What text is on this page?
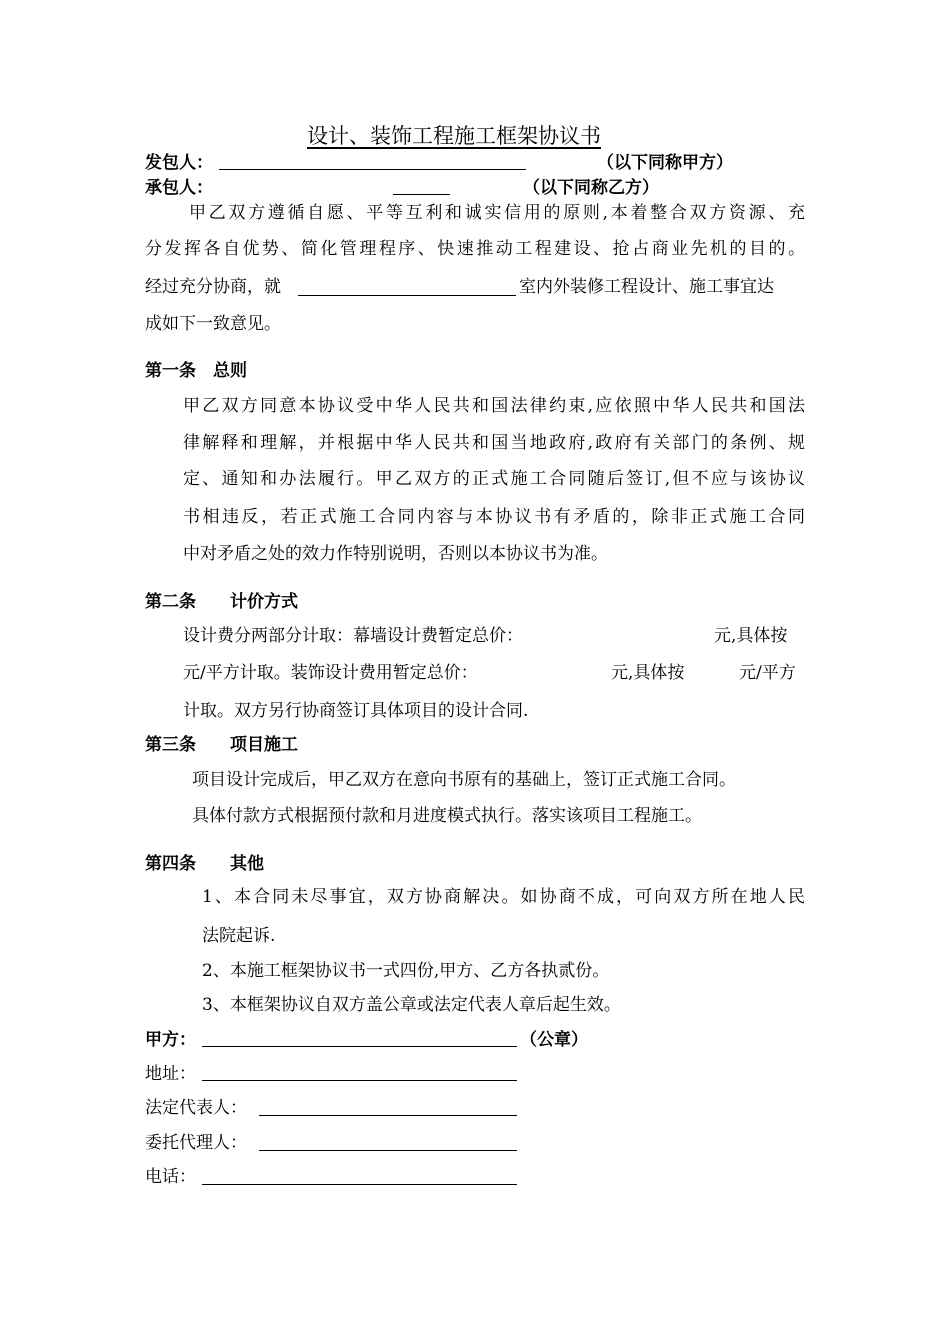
设计、装饰工程施工框架协议书
发包人：	（以下同称甲方）
承包人：	（以下同称乙方）
甲乙双方遵循自愿、平等互利和诚实信用的原则,本着整合双方资源、充
分发挥各自优势、简化管理程序、快速推动工程建设、抢占商业先机的目的。
经过充分协商，就	室内外装修工程设计、施工事宜达
成如下一致意见。
第一条　总则
甲乙双方同意本协议受中华人民共和国法律约束,应依照中华人民共和国法
律解释和理解，并根据中华人民共和国当地政府,政府有关部门的条例、规
定、通知和办法履行。甲乙双方的正式施工合同随后签订,但不应与该协议
书相违反，若正式施工合同内容与本协议书有矛盾的，除非正式施工合同
中对矛盾之处的效力作特别说明，否则以本协议书为准。
第二条　　计价方式
设计费分两部分计取：幕墙设计费暂定总价：	元,具体按
元/平方计取。装饰设计费用暂定总价：	元,具体按	元/平方
计取。双方另行协商签订具体项目的设计合同.
第三条　　项目施工
项目设计完成后，甲乙双方在意向书原有的基础上，签订正式施工合同。
具体付款方式根据预付款和月进度模式执行。落实该项目工程施工。
第四条　　其他
1、本合同未尽事宜，双方协商解决。如协商不成，可向双方所在地人民
法院起诉.
2、本施工框架协议书一式四份,甲方、乙方各执贰份。
3、本框架协议自双方盖公章或法定代表人章后起生效。
甲方：	（公章）
地址：
法定代表人：
委托代理人：
电话：
